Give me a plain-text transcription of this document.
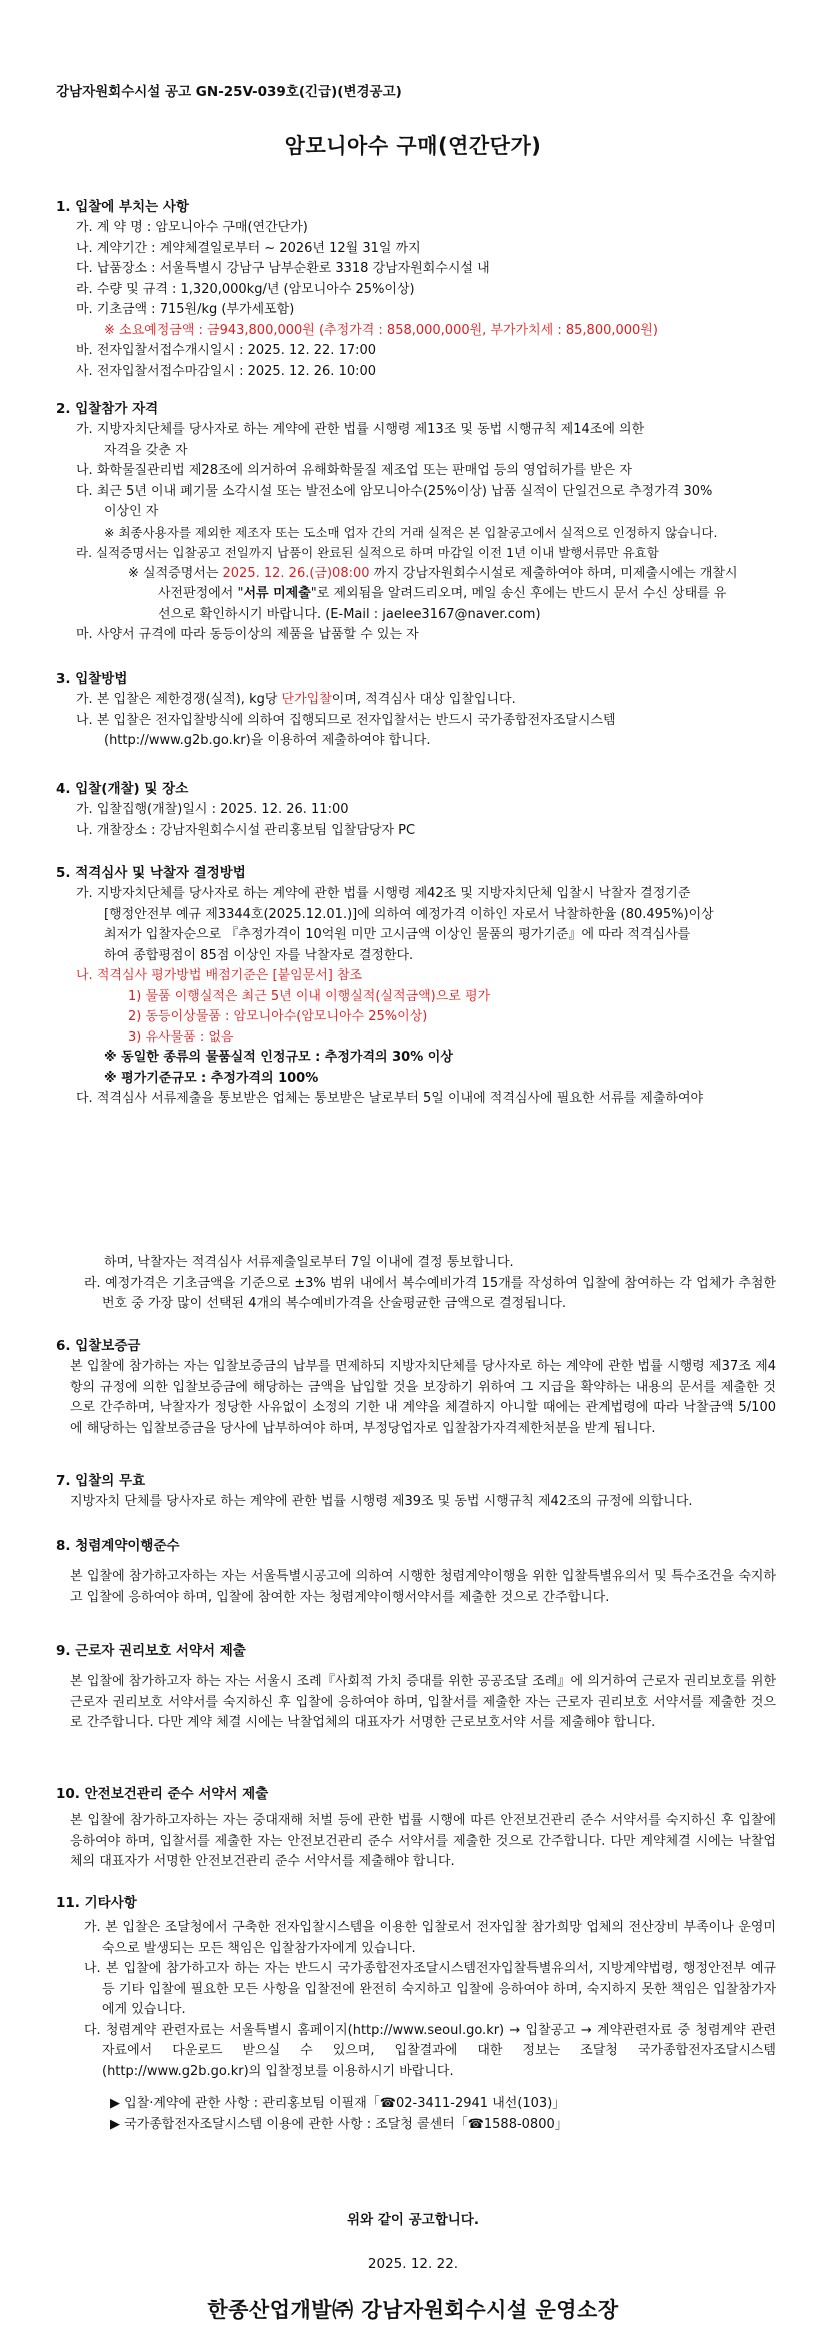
강남자원회수시설 공고 GN-25V-039호(긴급)(변경공고)
암모니아수 구매(연간단가)
1. 입찰에 부치는 사항
가. 계 약 명 : 암모니아수 구매(연간단가)
나. 계약기간 : 계약체결일로부터 ~ 2026년 12월 31일 까지
다. 납품장소 : 서울특별시 강남구 남부순환로 3318 강남자원회수시설 내
라. 수량 및 규격 : 1,320,000kg/년 (암모니아수 25%이상)
마. 기초금액 : 715원/kg (부가세포함)
※ 소요예정금액 : 금943,800,000원 (추정가격 : 858,000,000원, 부가가치세 : 85,800,000원)
바. 전자입찰서접수개시일시 : 2025. 12. 22. 17:00
사. 전자입찰서접수마감일시 : 2025. 12. 26. 10:00
2. 입찰참가 자격
가. 지방자치단체를 당사자로 하는 계약에 관한 법률 시행령 제13조 및 동법 시행규칙 제14조에 의한
자격을 갖춘 자
나. 화학물질관리법 제28조에 의거하여 유해화학물질 제조업 또는 판매업 등의 영업허가를 받은 자
다. 최근 5년 이내 폐기물 소각시설 또는 발전소에 암모니아수(25%이상) 납품 실적이 단일건으로 추정가격 30%
이상인 자
※ 최종사용자를 제외한 제조자 또는 도소매 업자 간의 거래 실적은 본 입찰공고에서 실적으로 인정하지 않습니다.
라. 실적증명서는 입찰공고 전일까지 납품이 완료된 실적으로 하며 마감일 이전 1년 이내 발행서류만 유효함
※ 실적증명서는 2025. 12. 26.(금)08:00 까지 강남자원회수시설로 제출하여야 하며, 미제출시에는 개찰시
사전판정에서 "서류 미제출"로 제외됨을 알려드리오며, 메일 송신 후에는 반드시 문서 수신 상태를 유
선으로 확인하시기 바랍니다. (E-Mail : jaelee3167@naver.com)
마. 사양서 규격에 따라 동등이상의 제품을 납품할 수 있는 자
3. 입찰방법
가. 본 입찰은 제한경쟁(실적), kg당 단가입찰이며, 적격심사 대상 입찰입니다.
나. 본 입찰은 전자입찰방식에 의하여 집행되므로 전자입찰서는 반드시 국가종합전자조달시스템
(http://www.g2b.go.kr)을 이용하여 제출하여야 합니다.
4. 입찰(개찰) 및 장소
가. 입찰집행(개찰)일시 : 2025. 12. 26. 11:00
나. 개찰장소 : 강남자원회수시설 관리홍보팀 입찰담당자 PC
5. 적격심사 및 낙찰자 결정방법
가. 지방자치단체를 당사자로 하는 계약에 관한 법률 시행령 제42조 및 지방자치단체 입찰시 낙찰자 결정기준
[행정안전부 예규 제3344호(2025.12.01.)]에 의하여 예정가격 이하인 자로서 낙찰하한율 (80.495%)이상
최저가 입찰자순으로 『추정가격이 10억원 미만 고시금액 이상인 물품의 평가기준』에 따라 적격심사를
하여 종합평점이 85점 이상인 자를 낙찰자로 결정한다.
나. 적격심사 평가방법 배점기준은 [붙임문서] 참조
1) 물품 이행실적은 최근 5년 이내 이행실적(실적금액)으로 평가
2) 동등이상물품 : 암모니아수(암모니아수 25%이상)
3) 유사물품 : 없음
※ 동일한 종류의 물품실적 인정규모 : 추정가격의 30% 이상
※ 평가기준규모 : 추정가격의 100%
다. 적격심사 서류제출을 통보받은 업체는 통보받은 날로부터 5일 이내에 적격심사에 필요한 서류를 제출하여야
하며, 낙찰자는 적격심사 서류제출일로부터 7일 이내에 결정 통보합니다.
라. 예정가격은 기초금액을 기준으로 ±3% 범위 내에서 복수예비가격 15개를 작성하여 입찰에 참여하는 각 업체가 추첨한 번호 중 가장 많이 선택된 4개의 복수예비가격을 산술평균한 금액으로 결정됩니다.
6. 입찰보증금
본 입찰에 참가하는 자는 입찰보증금의 납부를 면제하되 지방자치단체를 당사자로 하는 계약에 관한 법률 시행령 제37조 제4항의 규정에 의한 입찰보증금에 해당하는 금액을 납입할 것을 보장하기 위하여 그 지급을 확약하는 내용의 문서를 제출한 것으로 간주하며, 낙찰자가 정당한 사유없이 소정의 기한 내 계약을 체결하지 아니할 때에는 관계법령에 따라 낙찰금액 5/100에 해당하는 입찰보증금을 당사에 납부하여야 하며, 부정당업자로 입찰참가자격제한처분을 받게 됩니다.
7. 입찰의 무효
지방자치 단체를 당사자로 하는 계약에 관한 법률 시행령 제39조 및 동법 시행규칙 제42조의 규정에 의합니다.
8. 청렴계약이행준수
본 입찰에 참가하고자하는 자는 서울특별시공고에 의하여 시행한 청렴계약이행을 위한 입찰특별유의서 및 특수조건을 숙지하고 입찰에 응하여야 하며, 입찰에 참여한 자는 청렴계약이행서약서를 제출한 것으로 간주합니다.
9. 근로자 권리보호 서약서 제출
본 입찰에 참가하고자 하는 자는 서울시 조례『사회적 가치 증대를 위한 공공조달 조례』에 의거하여 근로자 권리보호를 위한 근로자 권리보호 서약서를 숙지하신 후 입찰에 응하여야 하며, 입찰서를 제출한 자는 근로자 권리보호 서약서를 제출한 것으로 간주합니다. 다만 계약 체결 시에는 낙찰업체의 대표자가 서명한 근로보호서약 서를 제출해야 합니다.
10. 안전보건관리 준수 서약서 제출
본 입찰에 참가하고자하는 자는 중대재해 처벌 등에 관한 법률 시행에 따른 안전보건관리 준수 서약서를 숙지하신 후 입찰에 응하여야 하며, 입찰서를 제출한 자는 안전보건관리 준수 서약서를 제출한 것으로 간주합니다. 다만 계약체결 시에는 낙찰업체의 대표자가 서명한 안전보건관리 준수 서약서를 제출해야 합니다.
11. 기타사항
가. 본 입찰은 조달청에서 구축한 전자입찰시스템을 이용한 입찰로서 전자입찰 참가희망 업체의 전산장비 부족이나 운영미숙으로 발생되는 모든 책임은 입찰참가자에게 있습니다.
나. 본 입찰에 참가하고자 하는 자는 반드시 국가종합전자조달시스템전자입찰특별유의서, 지방계약법령, 행정안전부 예규 등 기타 입찰에 필요한 모든 사항을 입찰전에 완전히 숙지하고 입찰에 응하여야 하며, 숙지하지 못한 책임은 입찰참가자에게 있습니다.
다. 청렴계약 관련자료는 서울특별시 홈페이지(http://www.seoul.go.kr) → 입찰공고 → 계약관련자료 중 청렴계약 관련자료에서 다운로드 받으실 수 있으며, 입찰결과에 대한 정보는 조달청 국가종합전자조달시스템 (http://www.g2b.go.kr)의 입찰정보를 이용하시기 바랍니다.
▶ 입찰·계약에 관한 사항 : 관리홍보팀 이필재「☎02-3411-2941 내선(103)」
▶ 국가종합전자조달시스템 이용에 관한 사항 : 조달청 콜센터「☎1588-0800」
위와 같이 공고합니다.
2025. 12. 22.
한종산업개발㈜ 강남자원회수시설 운영소장
